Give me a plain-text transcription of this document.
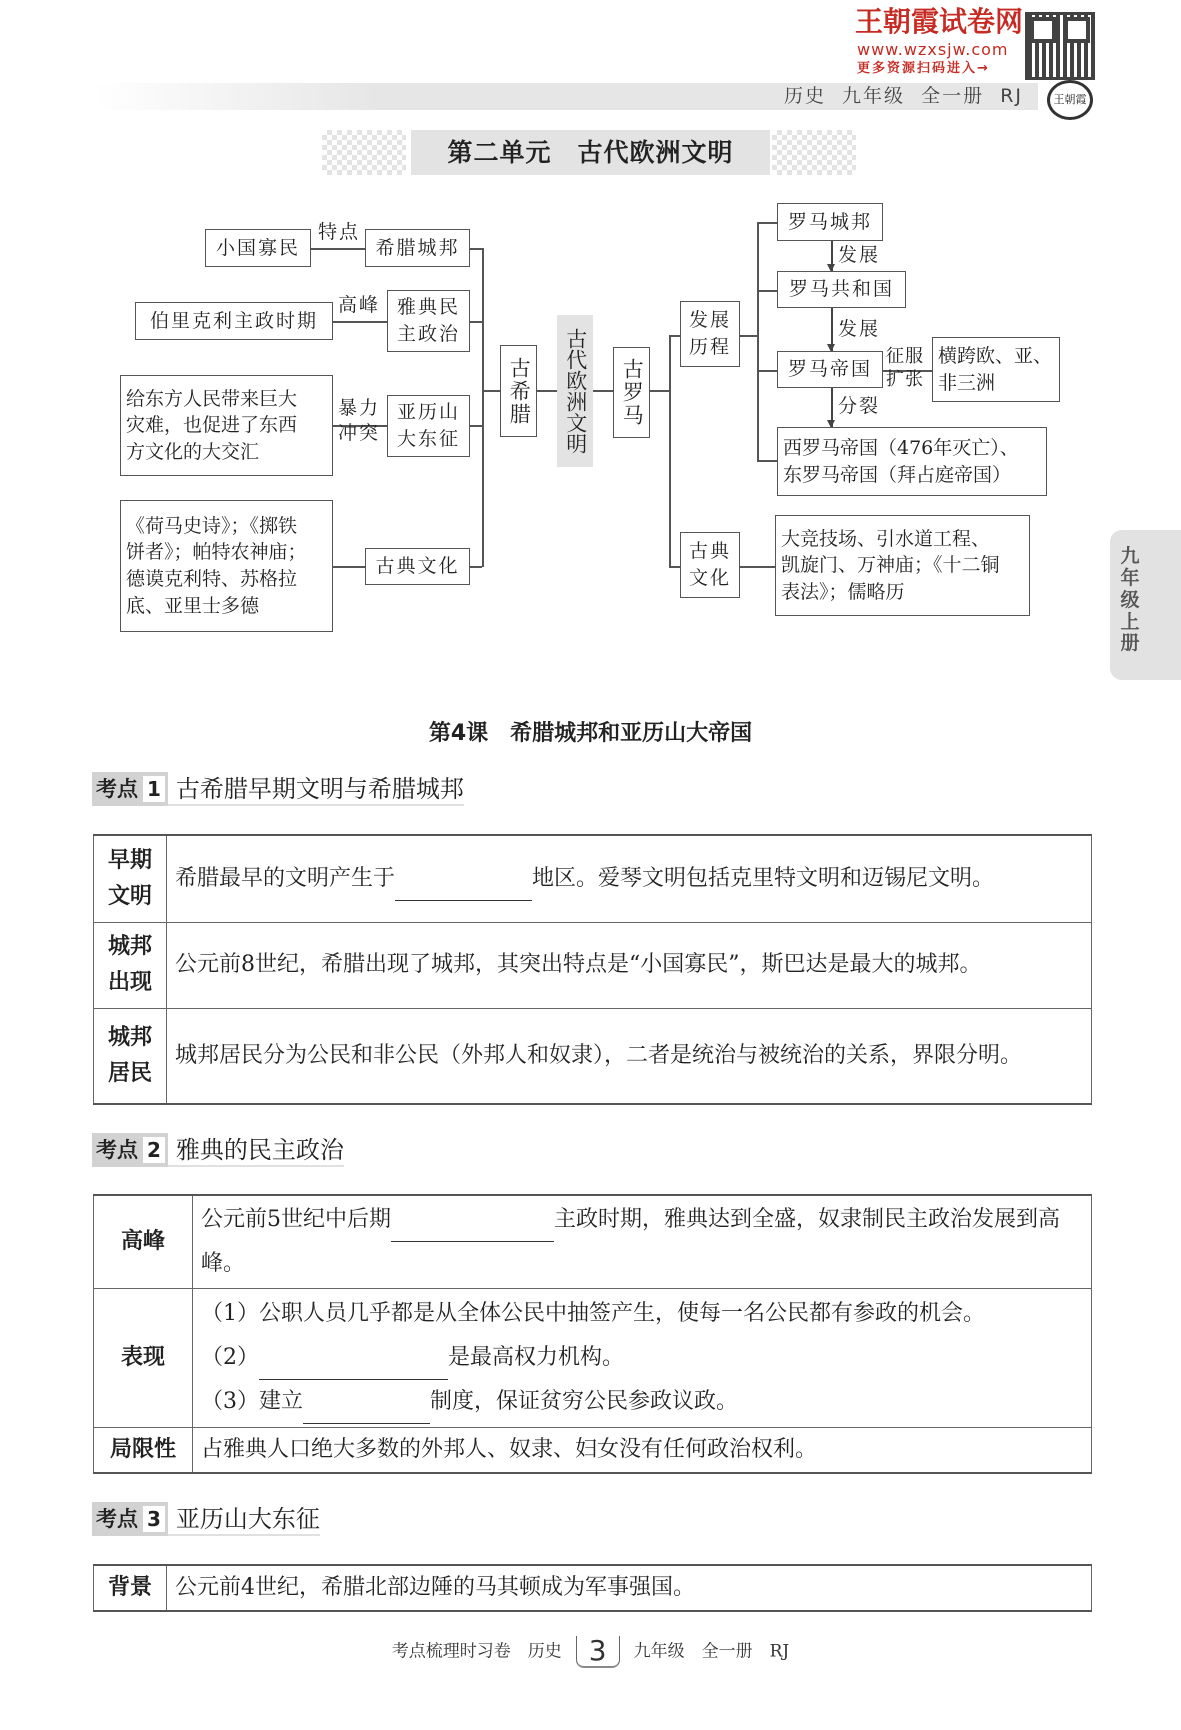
王朝霞试卷网
www.wzxsjw.com
更多资源扫码进入→
王朝霞
历史  九年级  全一册  RJ
第二单元　古代欧洲文明
小国寡民
特点
希腊城邦
伯里克利主政时期
高峰 雅典民
主政治
给东方人民带来巨大
灾难，也促进了东西
方文化的大交汇
暴力
冲突
亚历山
大东征
《荷马史诗》；《掷铁
饼者》；帕特农神庙；
德谟克利特、苏格拉
底、亚里士多德
古典文化
古希腊 古代欧洲文明 古罗马
发展
历程
罗马城邦
发展
罗马共和国
发展
罗马帝国
征服
扩张
横跨欧、亚、
非三洲
分裂
西罗马帝国（476年灭亡）、
东罗马帝国（拜占庭帝国）
古典
文化
大竞技场、引水道工程、
凯旋门、万神庙；《十二铜
表法》；儒略历
九年级上册
第4课　希腊城邦和亚历山大帝国
考点 1 古希腊早期文明与希腊城邦
早期
文明	希腊最早的文明产生于 地区。爱琴文明包括克里特文明和迈锡尼文明。

城邦
出现	公元前8世纪，希腊出现了城邦，其突出特点是“小国寡民”，斯巴达是最大的城邦。

城邦
居民	城邦居民分为公民和非公民（外邦人和奴隶），二者是统治与被统治的关系，界限分明。
考点 2 雅典的民主政治
高峰	公元前5世纪中后期 主政时期，雅典达到全盛，奴隶制民主政治发展到高峰。
表现	（1）公职人员几乎都是从全体公民中抽签产生，使每一名公民都有参政的机会。
（2） 是最高权力机构。
（3）建立 制度，保证贫穷公民参政议政。

局限性	占雅典人口绝大多数的外邦人、奴隶、妇女没有任何政治权利。
考点 3 亚历山大东征
背景	公元前4世纪，希腊北部边陲的马其顿成为军事强国。
考点梳理时习卷　历史 3 九年级　全一册　RJ
